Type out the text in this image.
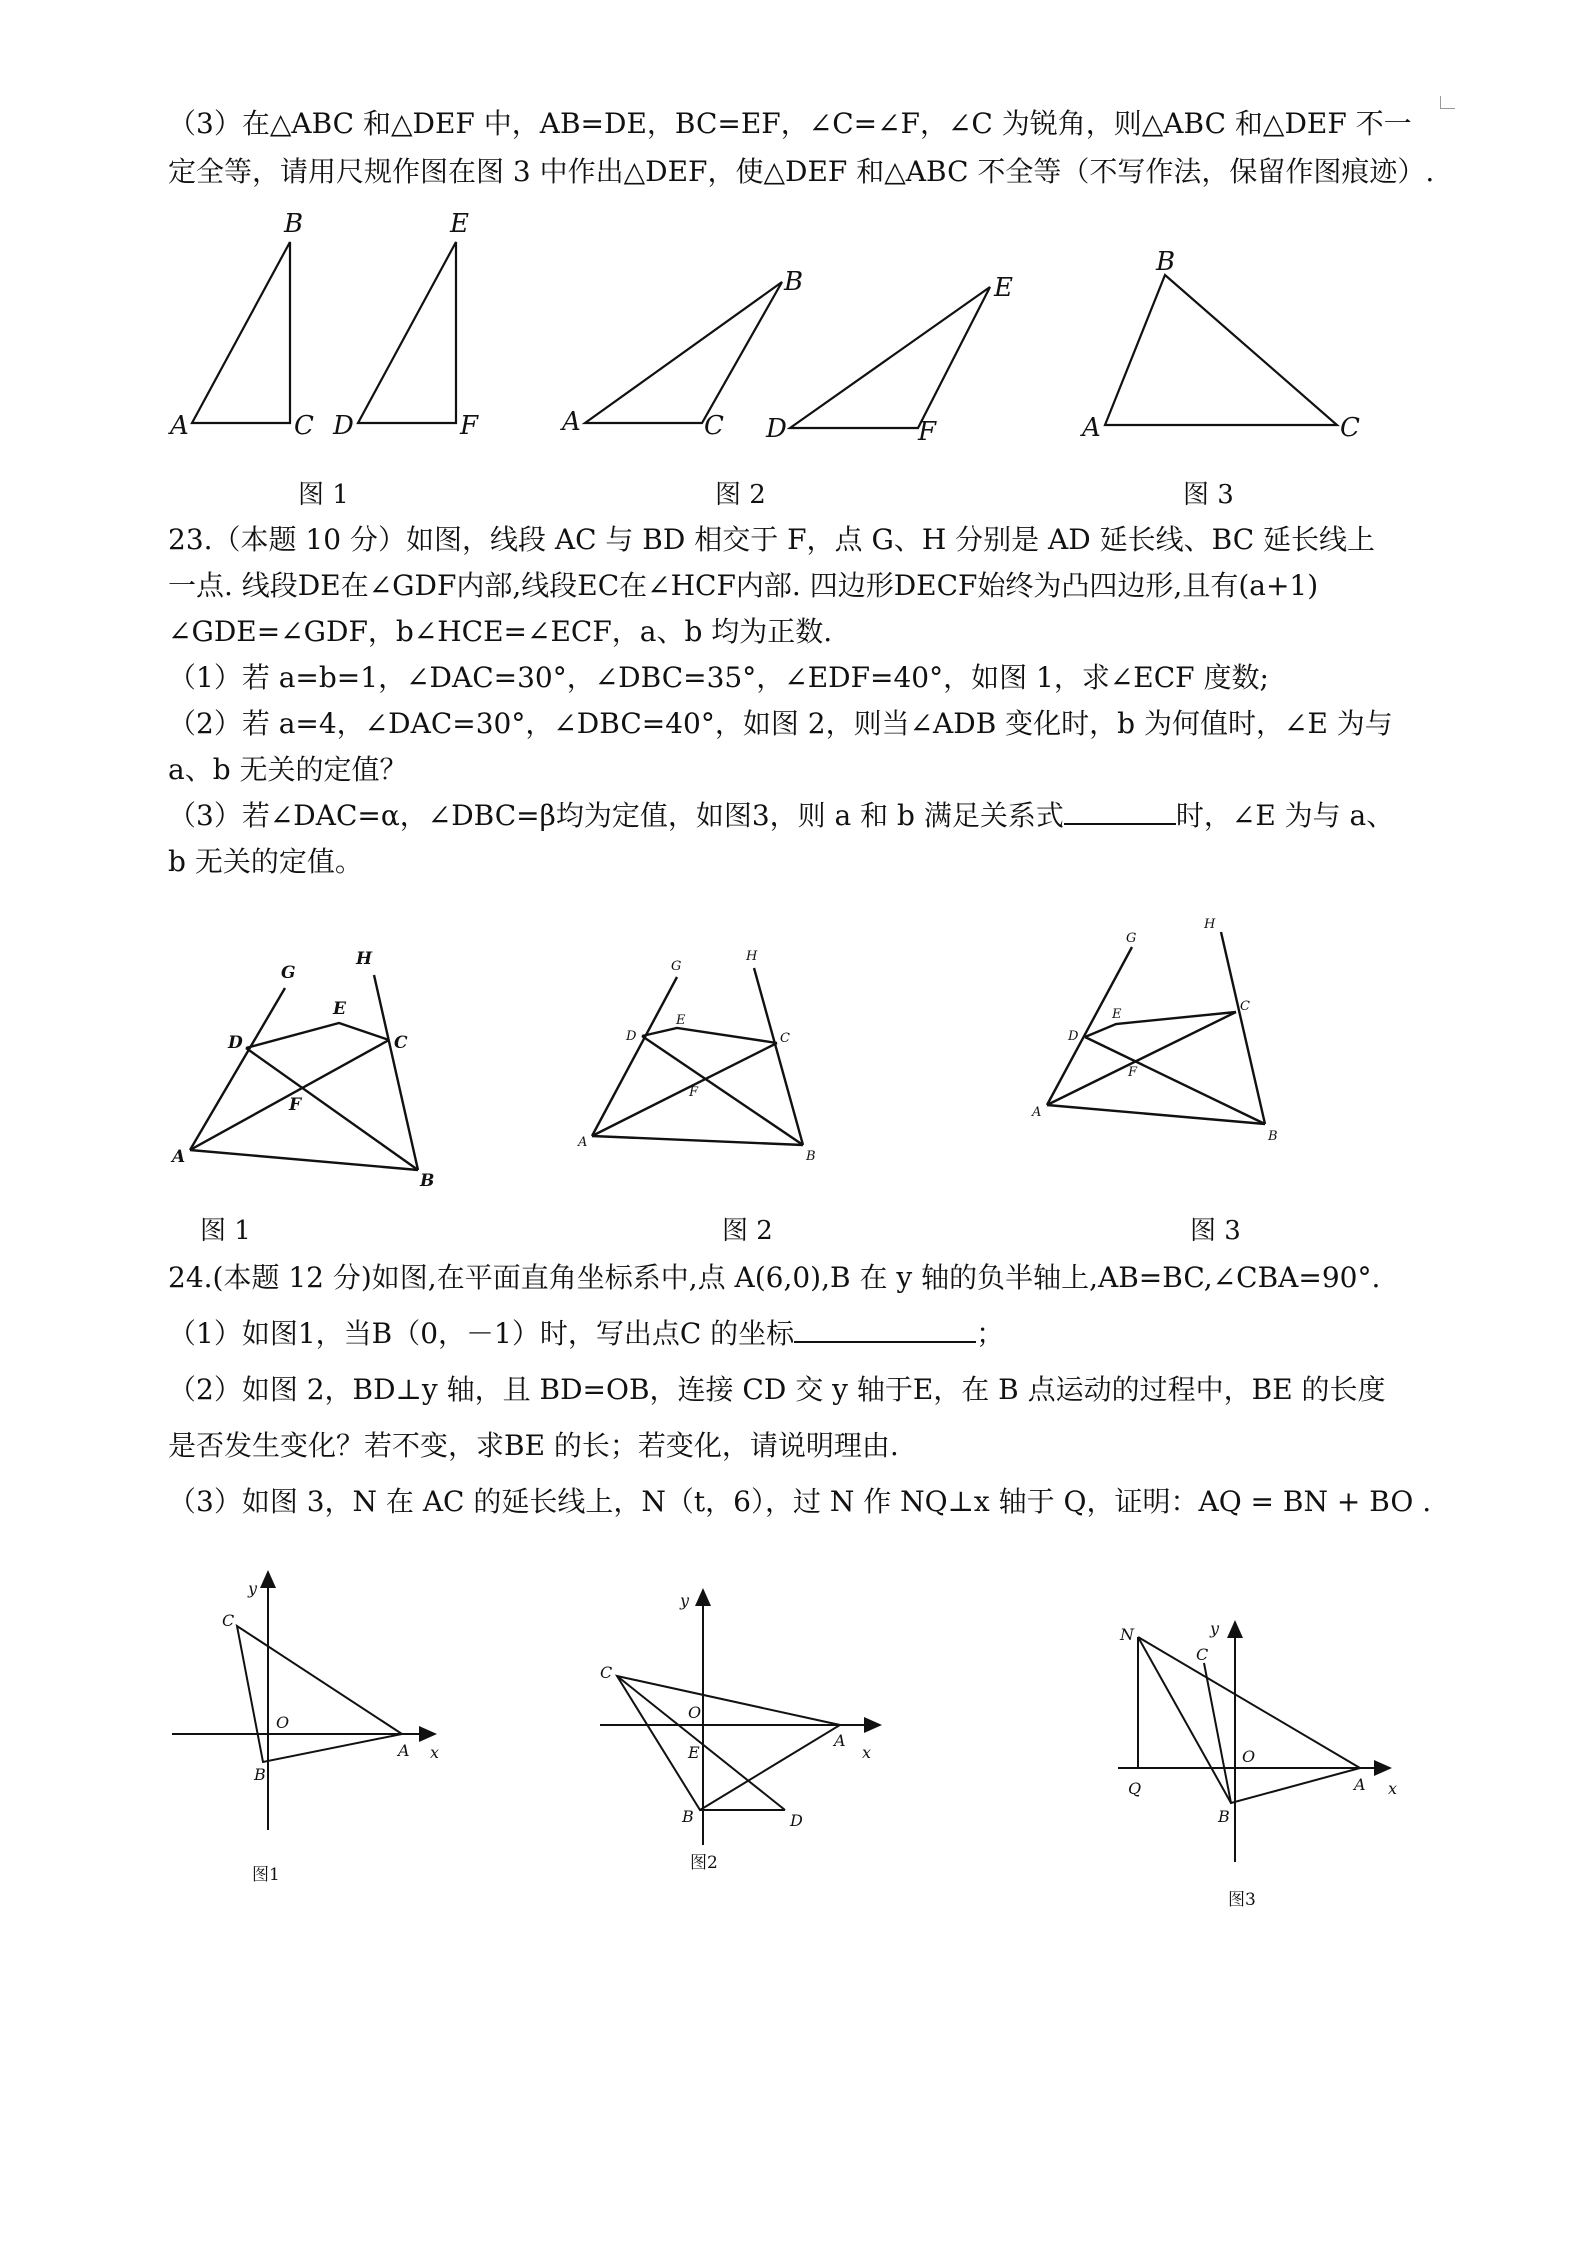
（3）在△ABC 和△DEF 中，AB=DE，BC=EF，∠C=∠F，∠C 为锐角，则△ABC 和△DEF 不一
定全等，请用尺规作图在图 3 中作出△DEF，使△DEF 和△ABC 不全等（不写作法，保留作图痕迹）.
A
B
C D
E
F	A
B
C D
E
F	A
B
C
图 1	图 2	图 3
23.（本题 10 分）如图，线段 AC 与 BD 相交于 F，点 G、H 分别是 AD 延长线、BC 延长线上
一点. 线段DE在∠GDF内部,线段EC在∠HCF内部. 四边形DECF始终为凸四边形,且有(a+1)
∠GDE=∠GDF，b∠HCE=∠ECF，a、b 均为正数.
（1）若 a=b=1，∠DAC=30°，∠DBC=35°，∠EDF=40°，如图 1，求∠ECF 度数;
（2）若 a=4，∠DAC=30°，∠DBC=40°，如图 2，则当∠ADB 变化时，b 为何值时，∠E 为与
a、b 无关的定值？
（3）若∠DAC=α，∠DBC=β均为定值，如图3，则 a 和 b 满足关系式	时，∠E 为与 a、
b 无关的定值。
A
B
C
D
E
F
G
H
A
B
C
D
E
F
G
H
A
B
C
D
E
F
G
H
图 1	图 2	图 3
24.(本题 12 分)如图,在平面直角坐标系中,点 A(6,0),B 在 y 轴的负半轴上,AB=BC,∠CBA=90°.
（1）如图1，当B（0，－1）时，写出点C 的坐标	；
（2）如图 2，BD⊥y 轴，且 BD=OB，连接 CD 交 y 轴于E，在 B 点运动的过程中，BE 的长度
是否发生变化？若不变，求BE 的长；若变化，请说明理由.
（3）如图 3，N 在 AC 的延长线上，N（t，6），过 N 作 NQ⊥x 轴于 Q，证明：AQ = BN + BO .
y
x
O
A
B
C
y
x
O
A
B
C
D
E
y
x
O
A
B
C
N
Q
图1
图2
图3
